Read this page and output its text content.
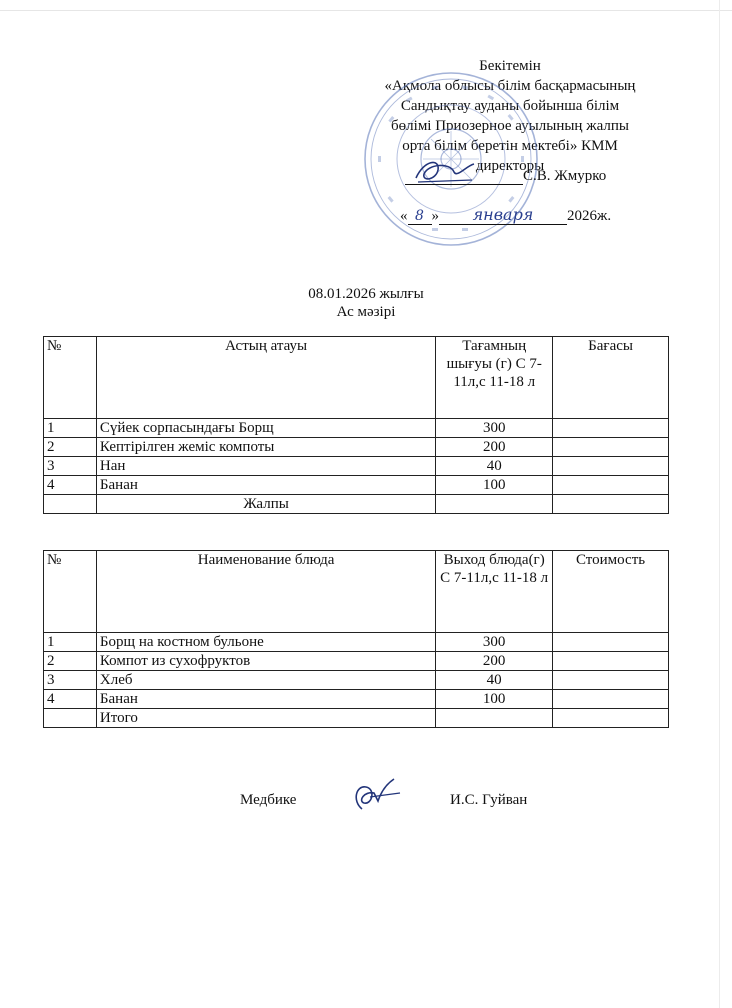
Бекітемін
«Ақмола облысы білім басқармасының
Сандықтау ауданы бойынша білім
бөлімі Приозерное ауылының жалпы
орта білім беретін мектебі» КММ
директоры
С.В. Жмурко
« 8 » января 2026ж.
08.01.2026 жылғы
Ас мәзірі
№	Астың атауы	Тағамның шығуы (г) С 7-11л,с 11-18 л	Бағасы
1	Сүйек сорпасындағы Борщ	300	
2	Кептірілген жеміс компоты	200	
3	Нан	40	
4	Банан	100	
	Жалпы		
№	Наименование блюда	Выход блюда(г) С 7-11л,с 11-18 л	Стоимость
1	Борщ на костном бульоне	300	
2	Компот из сухофруктов	200	
3	Хлеб	40	
4	Банан	100	
	Итого		
Медбике	И.С. Гуйван
